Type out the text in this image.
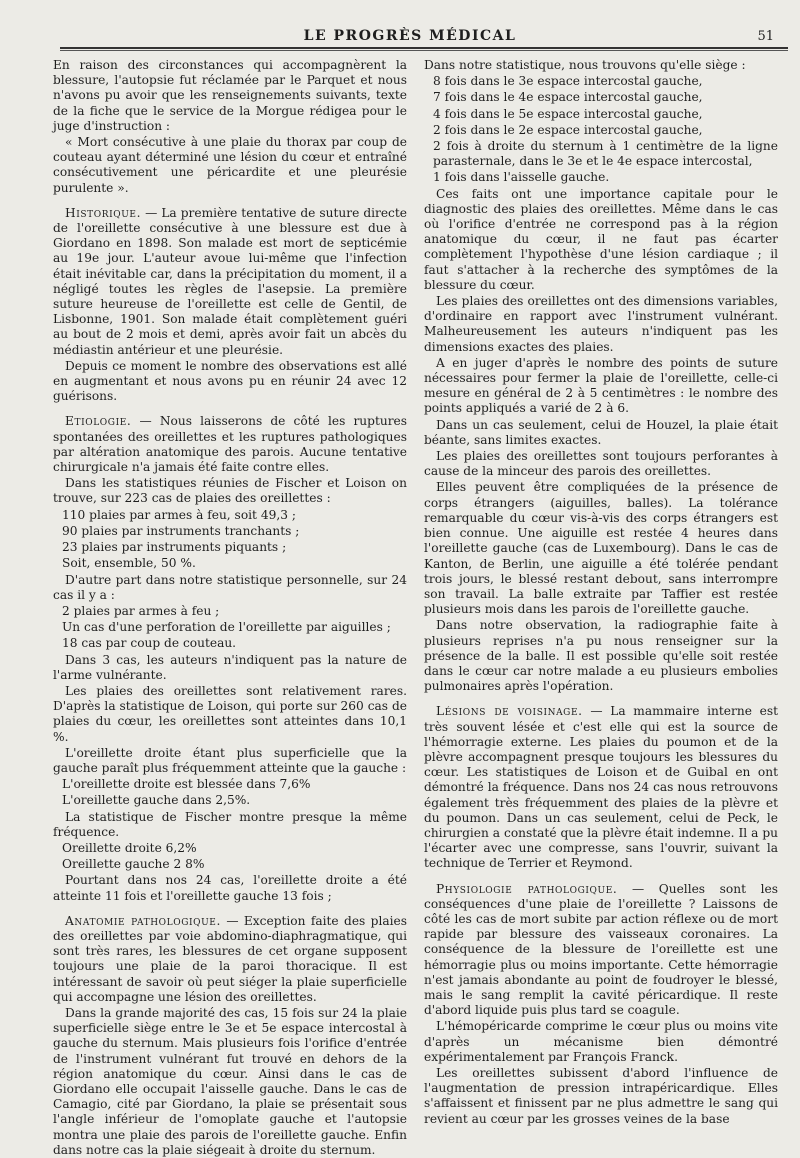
LE PROGRÈS MÉDICAL	51

En raison des circonstances qui accompagnèrent la blessure, l'autopsie fut réclamée par le Parquet et nous n'avons pu avoir que les renseignements suivants, texte de la fiche que le service de la Morgue rédigea pour le juge d'instruction :

« Mort consécutive à une plaie du thorax par coup de couteau ayant déterminé une lésion du cœur et entraîné consécutivement une péricardite et une pleurésie purulente ».

Historique. — La première tentative de suture directe de l'oreillette consécutive à une blessure est due à Giordano en 1898. Son malade est mort de septicémie au 19e jour. L'auteur avoue lui-même que l'infection était inévitable car, dans la précipitation du moment, il a négligé toutes les règles de l'asepsie. La première suture heureuse de l'oreillette est celle de Gentil, de Lisbonne, 1901. Son malade était complètement guéri au bout de 2 mois et demi, après avoir fait un abcès du médiastin antérieur et une pleurésie.

Depuis ce moment le nombre des observations est allé en augmentant et nous avons pu en réunir 24 avec 12 guérisons.

Etiologie. — Nous laisserons de côté les ruptures spontanées des oreillettes et les ruptures pathologiques par altération anatomique des parois. Aucune tentative chirurgicale n'a jamais été faite contre elles.

Dans les statistiques réunies de Fischer et Loison on trouve, sur 223 cas de plaies des oreillettes :

110 plaies par armes à feu, soit 49,3 ;

90 plaies par instruments tranchants ;

23 plaies par instruments piquants ;

Soit, ensemble, 50 %.

D'autre part dans notre statistique personnelle, sur 24 cas il y a :

2 plaies par armes à feu ;

Un cas d'une perforation de l'oreillette par aiguilles ;

18 cas par coup de couteau.

Dans 3 cas, les auteurs n'indiquent pas la nature de l'arme vulnérante.

Les plaies des oreillettes sont relativement rares. D'après la statistique de Loison, qui porte sur 260 cas de plaies du cœur, les oreillettes sont atteintes dans 10,1 %.

L'oreillette droite étant plus superficielle que la gauche paraît plus fréquemment atteinte que la gauche :

L'oreillette droite est blessée dans 7,6%

L'oreillette gauche dans 2,5%.

La statistique de Fischer montre presque la même fréquence.

Oreillette droite 6,2%

Oreillette gauche 2 8%

Pourtant dans nos 24 cas, l'oreillette droite a été atteinte 11 fois et l'oreillette gauche 13 fois ;

Anatomie pathologique. — Exception faite des plaies des oreillettes par voie abdomino-diaphragmatique, qui sont très rares, les blessures de cet organe supposent toujours une plaie de la paroi thoracique. Il est intéressant de savoir où peut siéger la plaie superficielle qui accompagne une lésion des oreillettes.

Dans la grande majorité des cas, 15 fois sur 24 la plaie superficielle siège entre le 3e et 5e espace intercostal à gauche du sternum. Mais plusieurs fois l'orifice d'entrée de l'instrument vulnérant fut trouvé en dehors de la région anatomique du cœur. Ainsi dans le cas de Giordano elle occupait l'aisselle gauche. Dans le cas de Camagio, cité par Giordano, la plaie se présentait sous l'angle inférieur de l'omoplate gauche et l'autopsie montra une plaie des parois de l'oreillette gauche. Enfin dans notre cas la plaie siégeait à droite du sternum.

Dans notre statistique, nous trouvons qu'elle siège :

8 fois dans le 3e espace intercostal gauche,

7 fois dans le 4e espace intercostal gauche,

4 fois dans le 5e espace intercostal gauche,

2 fois dans le 2e espace intercostal gauche,

2 fois à droite du sternum à 1 centimètre de la ligne parasternale, dans le 3e et le 4e espace intercostal,

1 fois dans l'aisselle gauche.

Ces faits ont une importance capitale pour le diagnostic des plaies des oreillettes. Même dans le cas où l'orifice d'entrée ne correspond pas à la région anatomique du cœur, il ne faut pas écarter complètement l'hypothèse d'une lésion cardiaque ; il faut s'attacher à la recherche des symptômes de la blessure du cœur.

Les plaies des oreillettes ont des dimensions variables, d'ordinaire en rapport avec l'instrument vulnérant. Malheureusement les auteurs n'indiquent pas les dimensions exactes des plaies.

A en juger d'après le nombre des points de suture nécessaires pour fermer la plaie de l'oreillette, celle-ci mesure en général de 2 à 5 centimètres : le nombre des points appliqués a varié de 2 à 6.

Dans un cas seulement, celui de Houzel, la plaie était béante, sans limites exactes.

Les plaies des oreillettes sont toujours perforantes à cause de la minceur des parois des oreillettes.

Elles peuvent être compliquées de la présence de corps étrangers (aiguilles, balles). La tolérance remarquable du cœur vis-à-vis des corps étrangers est bien connue. Une aiguille est restée 4 heures dans l'oreillette gauche (cas de Luxembourg). Dans le cas de Kanton, de Berlin, une aiguille a été tolérée pendant trois jours, le blessé restant debout, sans interrompre son travail. La balle extraite par Taffier est restée plusieurs mois dans les parois de l'oreillette gauche.

Dans notre observation, la radiographie faite à plusieurs reprises n'a pu nous renseigner sur la présence de la balle. Il est possible qu'elle soit restée dans le cœur car notre malade a eu plusieurs embolies pulmonaires après l'opération.

Lésions de voisinage. — La mammaire interne est très souvent lésée et c'est elle qui est la source de l'hémorragie externe. Les plaies du poumon et de la plèvre accompagnent presque toujours les blessures du cœur. Les statistiques de Loison et de Guibal en ont démontré la fréquence. Dans nos 24 cas nous retrouvons également très fréquemment des plaies de la plèvre et du poumon. Dans un cas seulement, celui de Peck, le chirurgien a constaté que la plèvre était indemne. Il a pu l'écarter avec une compresse, sans l'ouvrir, suivant la technique de Terrier et Reymond.

Physiologie pathologique. — Quelles sont les conséquences d'une plaie de l'oreillette ? Laissons de côté les cas de mort subite par action réflexe ou de mort rapide par blessure des vaisseaux coronaires. La conséquence de la blessure de l'oreillette est une hémorragie plus ou moins importante. Cette hémorragie n'est jamais abondante au point de foudroyer le blessé, mais le sang remplit la cavité péricardique. Il reste d'abord liquide puis plus tard se coagule.

L'hémopéricarde comprime le cœur plus ou moins vite d'après un mécanisme bien démontré expérimentalement par François Franck.

Les oreillettes subissent d'abord l'influence de l'augmentation de pression intrapéricardique. Elles s'affaissent et finissent par ne plus admettre le sang qui revient au cœur par les grosses veines de la base
